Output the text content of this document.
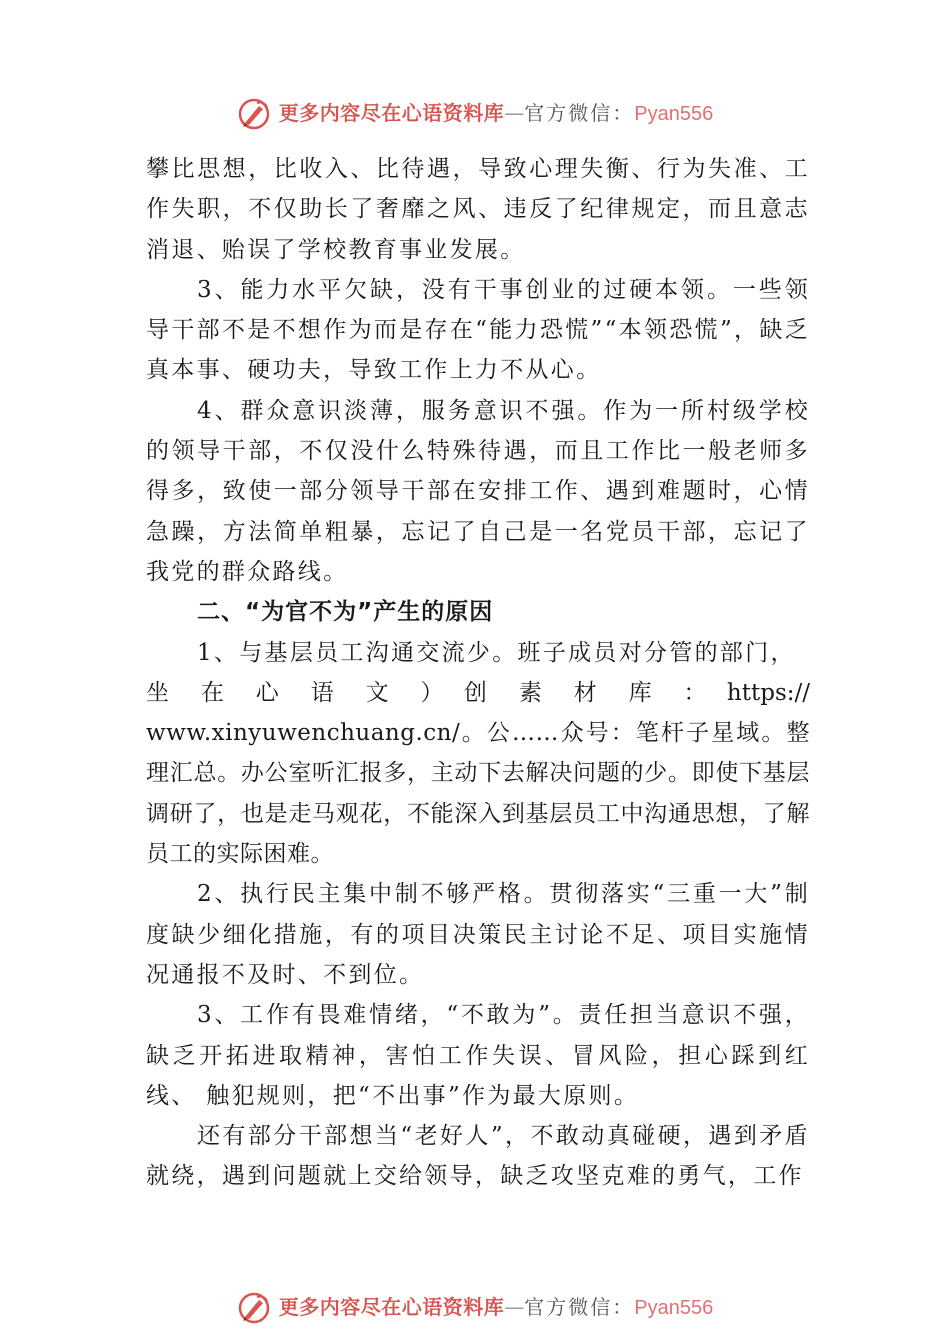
更多内容尽在心语资料库—官方微信：Pyan556

攀比思想，比收入、比待遇，导致心理失衡、行为失准、工作失职，不仅助长了奢靡之风、违反了纪律规定，而且意志消退、贻误了学校教育事业发展。

3、能力水平欠缺，没有干事创业的过硬本领。一些领导干部不是不想作为而是存在“能力恐慌”“本领恐慌”，缺乏真本事、硬功夫，导致工作上力不从心。

4、群众意识淡薄，服务意识不强。作为一所村级学校的领导干部，不仅没什么特殊待遇，而且工作比一般老师多得多，致使一部分领导干部在安排工作、遇到难题时，心情急躁，方法简单粗暴，忘记了自己是一名党员干部，忘记了我党的群众路线。

二、“为官不为”产生的原因

1、与基层员工沟通交流少。班子成员对分管的部门，

坐　在　心　语　文　）　创　素　材　库　：　https://

www.xinyuwenchuang.cn/。公……众号：笔杆子星域。整理汇总。办公室听汇报多，主动下去解决问题的少。即使下基层调研了，也是走马观花，不能深入到基层员工中沟通思想，了解员工的实际困难。

2、执行民主集中制不够严格。贯彻落实“三重一大”制度缺少细化措施，有的项目决策民主讨论不足、项目实施情况通报不及时、不到位。

3、工作有畏难情绪，“不敢为”。责任担当意识不强，缺乏开拓进取精神，害怕工作失误、冒风险，担心踩到红线、 触犯规则，把“不出事”作为最大原则。

还有部分干部想当“老好人”，不敢动真碰硬，遇到矛盾就绕，遇到问题就上交给领导，缺乏攻坚克难的勇气，工作

更多内容尽在心语资料库—官方微信：Pyan556
